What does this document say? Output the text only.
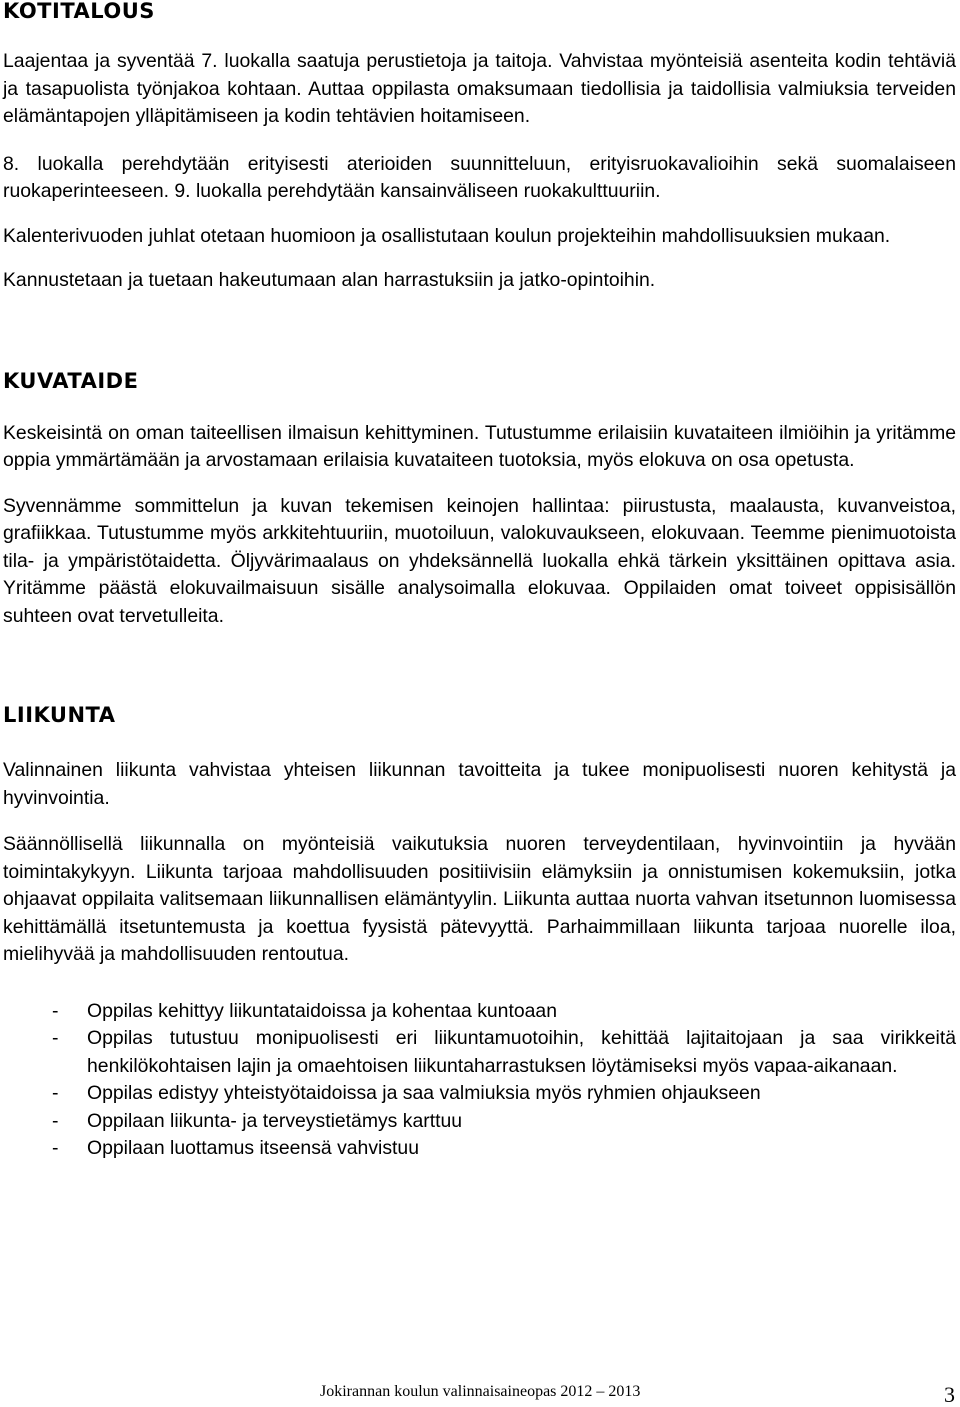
KOTITALOUS

Laajentaa ja syventää 7. luokalla saatuja perustietoja ja taitoja. Vahvistaa myönteisiä asenteita kodin tehtäviä ja tasapuolista työnjakoa kohtaan. Auttaa oppilasta omaksumaan tiedollisia ja taidollisia valmiuksia terveiden elämäntapojen ylläpitämiseen ja kodin tehtävien hoitamiseen.

8. luokalla perehdytään erityisesti aterioiden suunnitteluun, erityisruokavalioihin sekä suomalaiseen ruokaperinteeseen. 9. luokalla perehdytään kansainväliseen ruokakulttuuriin.

Kalenterivuoden juhlat otetaan huomioon ja osallistutaan koulun projekteihin mahdollisuuksien mukaan.

Kannustetaan ja tuetaan hakeutumaan alan harrastuksiin ja jatko-opintoihin.

KUVATAIDE

Keskeisintä on oman taiteellisen ilmaisun kehittyminen. Tutustumme erilaisiin kuvataiteen ilmiöihin ja yritämme oppia ymmärtämään ja arvostamaan erilaisia kuvataiteen tuotoksia, myös elokuva on osa opetusta.

Syvennämme sommittelun ja kuvan tekemisen keinojen hallintaa: piirustusta, maalausta, kuvanveistoa, grafiikkaa. Tutustumme myös arkkitehtuuriin, muotoiluun, valokuvaukseen, elokuvaan. Teemme pienimuotoista tila- ja ympäristötaidetta. Öljyvärimaalaus on yhdeksännellä luokalla ehkä tärkein yksittäinen opittava asia. Yritämme päästä elokuvailmaisuun sisälle analysoimalla elokuvaa. Oppilaiden omat toiveet oppisisällön suhteen ovat tervetulleita.

LIIKUNTA

Valinnainen liikunta vahvistaa yhteisen liikunnan tavoitteita ja tukee monipuolisesti nuoren kehitystä ja hyvinvointia.

Säännöllisellä liikunnalla on myönteisiä vaikutuksia nuoren terveydentilaan, hyvinvointiin ja hyvään toimintakykyyn. Liikunta tarjoaa mahdollisuuden positiivisiin elämyksiin ja onnistumisen kokemuksiin, jotka ohjaavat oppilaita valitsemaan liikunnallisen elämäntyylin. Liikunta auttaa nuorta vahvan itsetunnon luomisessa kehittämällä itsetuntemusta ja koettua fyysistä pätevyyttä. Parhaimmillaan liikunta tarjoaa nuorelle iloa, mielihyvää ja mahdollisuuden rentoutua.

- Oppilas kehittyy liikuntataidoissa ja kohentaa kuntoaan
- Oppilas tutustuu monipuolisesti eri liikuntamuotoihin, kehittää lajitaitojaan ja saa virikkeitä henkilökohtaisen lajin ja omaehtoisen liikuntaharrastuksen löytämiseksi myös vapaa-aikanaan.
- Oppilas edistyy yhteistyötaidoissa ja saa valmiuksia myös ryhmien ohjaukseen
- Oppilaan liikunta- ja terveystietämys karttuu
- Oppilaan luottamus itseensä vahvistuu
Jokirannan koulun valinnaisaineopas 2012 – 2013	3
